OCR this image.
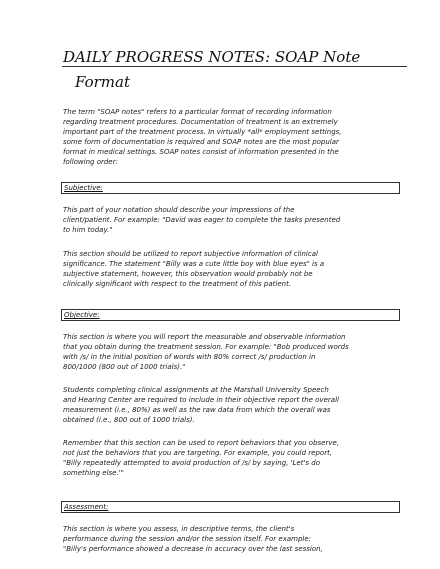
DAILY PROGRESS NOTES: SOAP Note
Format

The term "SOAP notes" refers to a particular format of recording information
regarding treatment procedures. Documentation of treatment is an extremely
important part of the treatment process. In virtually *all* employment settings,
some form of documentation is required and SOAP notes are the most popular
format in medical settings. SOAP notes consist of information presented in the
following order:

Subjective:

This part of your notation should describe your impressions of the
client/patient. For example: "David was eager to complete the tasks presented
to him today."

This section should be utilized to report subjective information of clinical
significance. The statement "Billy was a cute little boy with blue eyes" is a
subjective statement, however, this observation would probably not be
clinically significant with respect to the treatment of this patient.

Objective:

This section is where you will report the measurable and observable information
that you obtain during the treatment session. For example: "Bob produced words
with /s/ in the initial position of words with 80% correct /s/ production in
800/1000 (800 out of 1000 trials)."

Students completing clinical assignments at the Marshall University Speech
and Hearing Center are required to include in their objective report the overall
measurement (i.e., 80%) as well as the raw data from which the overall was
obtained (i.e., 800 out of 1000 trials).

Remember that this section can be used to report behaviors that you observe,
not just the behaviors that you are targeting. For example, you could report,
"Billy repeatedly attempted to avoid production of /s/ by saying, 'Let's do
something else.'"

Assessment:

This section is where you assess, in descriptive terms, the client's
performance during the session and/or the session itself. For example:
"Billy's performance showed a decrease in accuracy over the last session,
